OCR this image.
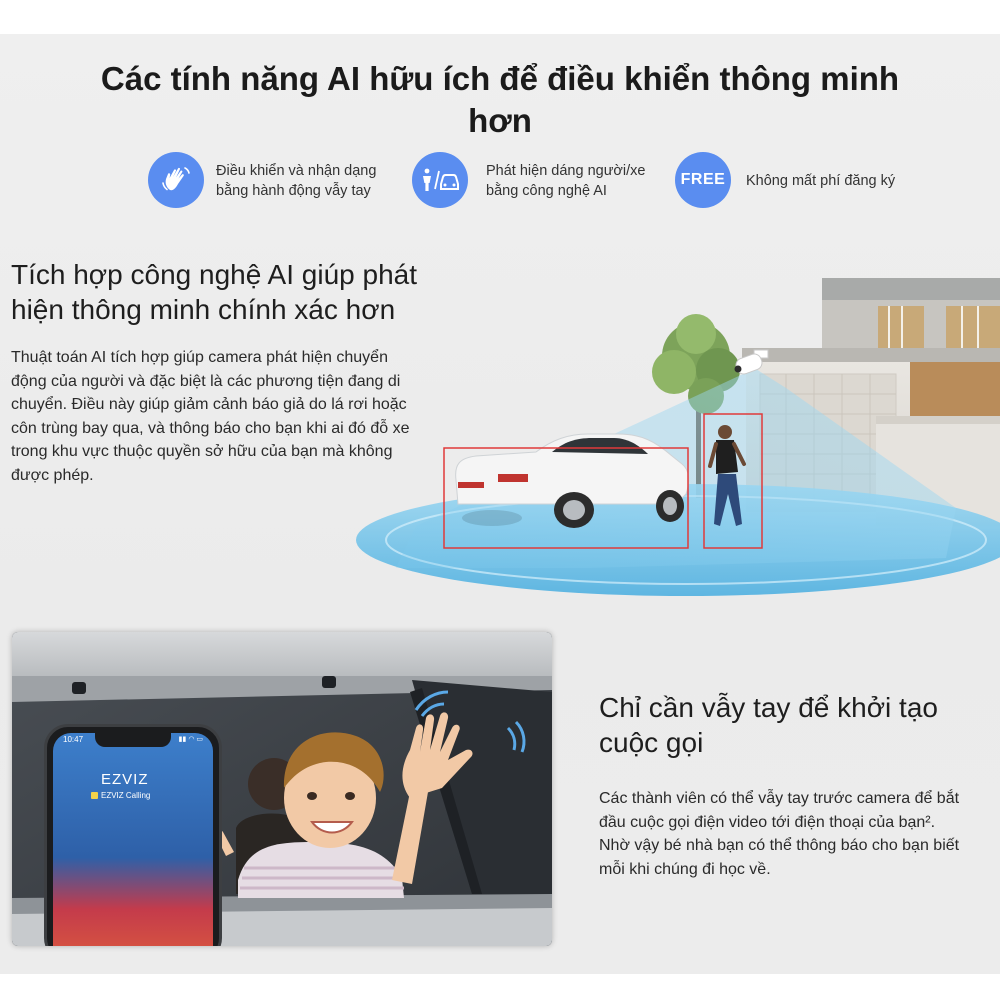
Các tính năng AI hữu ích để điều khiển thông minh
hơn
Điều khiển và nhận dạng
bằng hành động vẫy tay
Phát hiện dáng người/xe
bằng công nghệ AI
FREE Không mất phí đăng ký
Tích hợp công nghệ AI giúp phát
hiện thông minh chính xác hơn
Thuật toán AI tích hợp giúp camera phát hiện chuyển
động của người và đặc biệt là các phương tiện đang di
chuyển. Điều này giúp giảm cảnh báo giả do lá rơi hoặc
côn trùng bay qua, và thông báo cho bạn khi ai đó đỗ xe
trong khu vực thuộc quyền sở hữu của bạn mà không
được phép.
10:47	▮▮ ◠ ▭
EZVIZ
EZVIZ Calling
Chỉ cần vẫy tay để khởi tạo
cuộc gọi
Các thành viên có thể vẫy tay trước camera để bắt
đầu cuộc gọi điện video tới điện thoại của bạn².
Nhờ vậy bé nhà bạn có thể thông báo cho bạn biết
mỗi khi chúng đi học về.
